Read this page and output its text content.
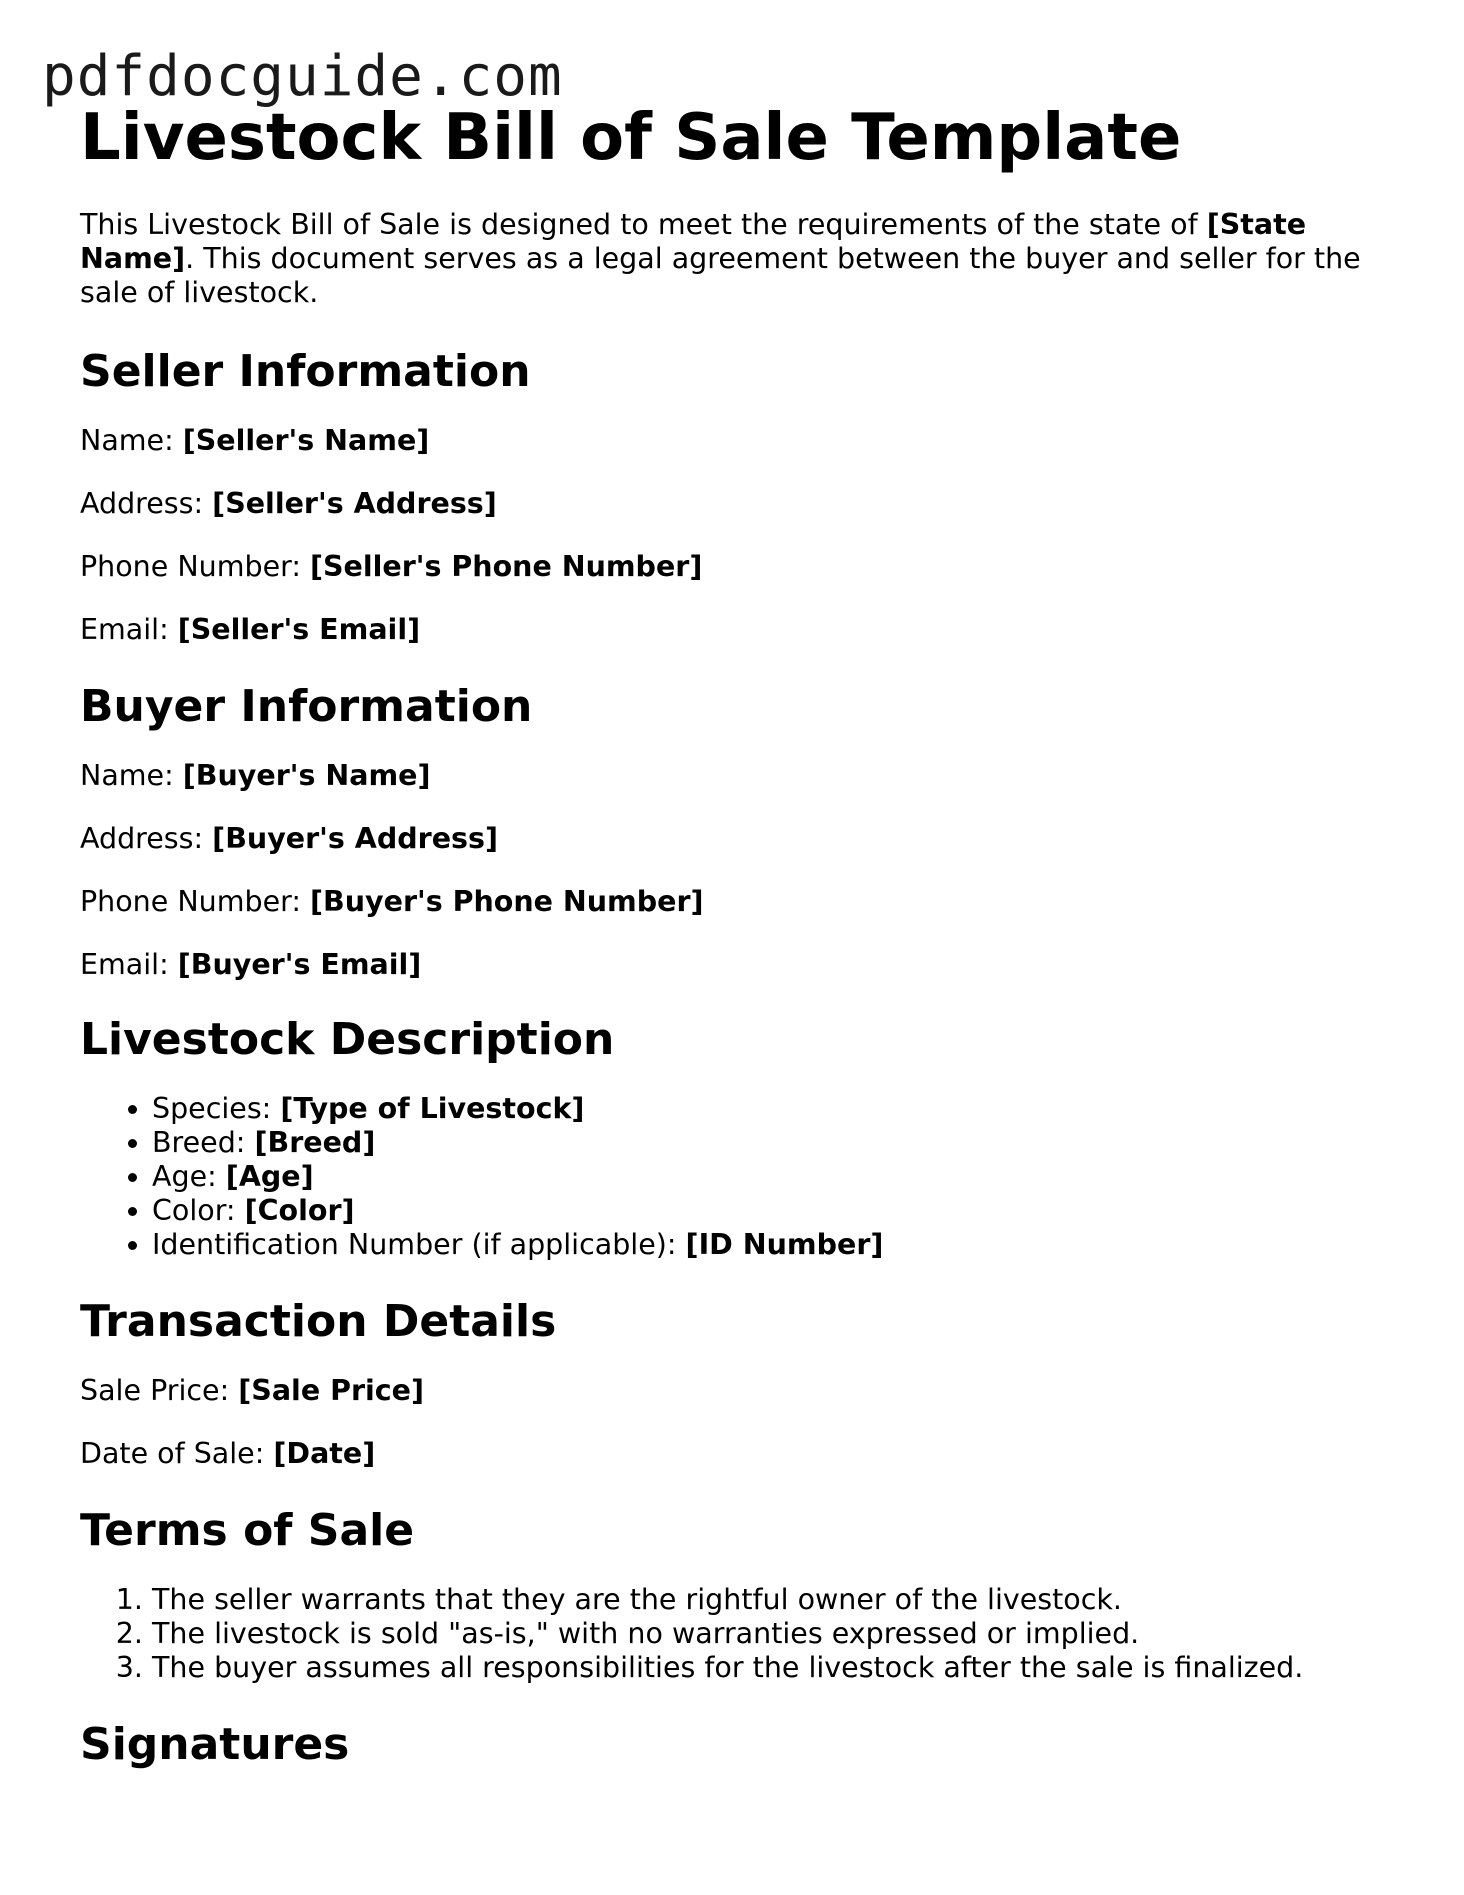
pdfdocguide.com
Livestock Bill of Sale Template

This Livestock Bill of Sale is designed to meet the requirements of the state of [State Name]. This document serves as a legal agreement between the buyer and seller for the sale of livestock.

Seller Information

Name: [Seller's Name]

Address: [Seller's Address]

Phone Number: [Seller's Phone Number]

Email: [Seller's Email]

Buyer Information

Name: [Buyer's Name]

Address: [Buyer's Address]

Phone Number: [Buyer's Phone Number]

Email: [Buyer's Email]

Livestock Description
• Species: [Type of Livestock]
• Breed: [Breed]
• Age: [Age]
• Color: [Color]
• Identification Number (if applicable): [ID Number]
Transaction Details

Sale Price: [Sale Price]

Date of Sale: [Date]

Terms of Sale
1. The seller warrants that they are the rightful owner of the livestock.
2. The livestock is sold "as-is," with no warranties expressed or implied.
3. The buyer assumes all responsibilities for the livestock after the sale is finalized.
Signatures
